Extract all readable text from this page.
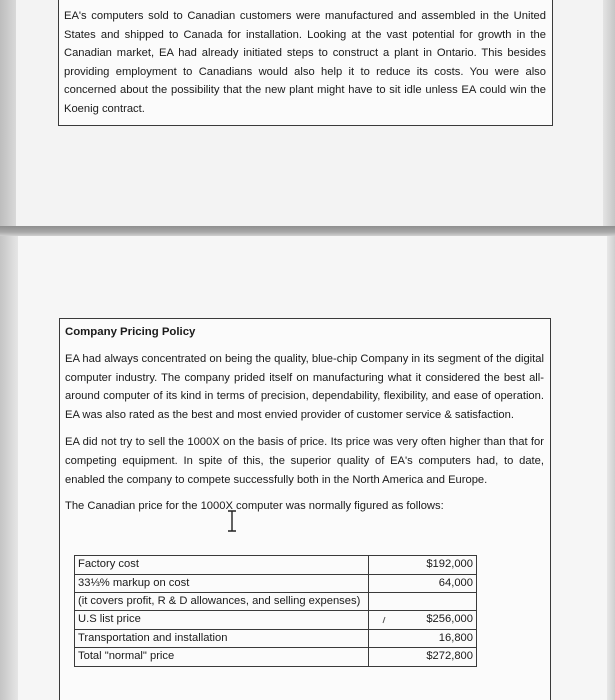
EA's computers sold to Canadian customers were manufactured and assembled in the United States and shipped to Canada for installation. Looking at the vast potential for growth in the Canadian market, EA had already initiated steps to construct a plant in Ontario. This besides providing employment to Canadians would also help it to reduce its costs. You were also concerned about the possibility that the new plant might have to sit idle unless EA could win the Koenig contract.

Company Pricing Policy

EA had always concentrated on being the quality, blue-chip Company in its segment of the digital computer industry. The company prided itself on manufacturing what it considered the best all-around computer of its kind in terms of precision, dependability, flexibility, and ease of operation. EA was also rated as the best and most envied provider of customer service & satisfaction.

EA did not try to sell the 1000X on the basis of price. Its price was very often higher than that for competing equipment. In spite of this, the superior quality of EA's computers had, to date, enabled the company to compete successfully both in the North America and Europe.

The Canadian price for the 1000X computer was normally figured as follows:

Factory cost	$192,000
33⅓% markup on cost	64,000
(it covers profit, R & D allowances, and selling expenses)	
U.S list price	$256,000
Transportation and installation	16,800
Total "normal" price	$272,800
